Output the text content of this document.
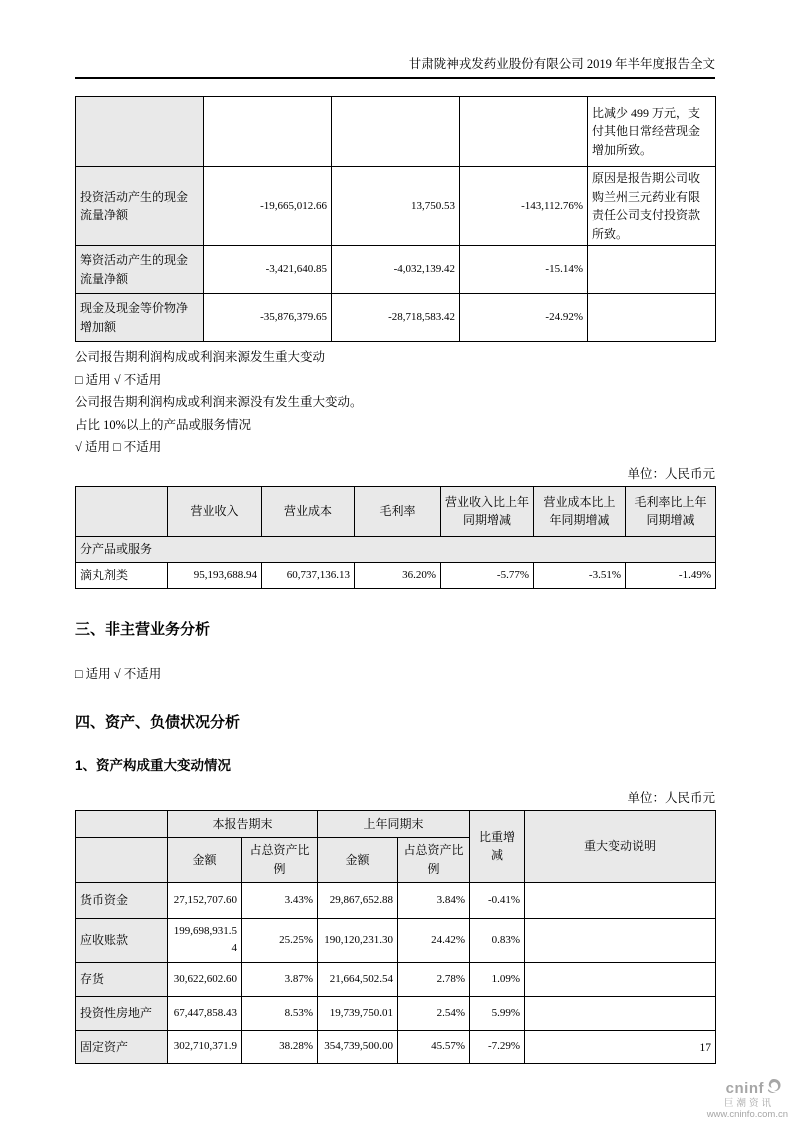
甘肃陇神戎发药业股份有限公司 2019 年半年度报告全文
				比减少 499 万元，支付其他日常经营现金增加所致。
投资活动产生的现金流量净额	-19,665,012.66	13,750.53	-143,112.76%	原因是报告期公司收购兰州三元药业有限责任公司支付投资款所致。
筹资活动产生的现金流量净额	-3,421,640.85	-4,032,139.42	-15.14%	
现金及现金等价物净增加额	-35,876,379.65	-28,718,583.42	-24.92%	

公司报告期利润构成或利润来源发生重大变动

□ 适用 √ 不适用

公司报告期利润构成或利润来源没有发生重大变动。

占比 10%以上的产品或服务情况

√ 适用 □ 不适用

单位：人民币元
	营业收入	营业成本	毛利率	营业收入比上年同期增减	营业成本比上年同期增减	毛利率比上年同期增减
分产品或服务						
滴丸剂类	95,193,688.94	60,737,136.13	36.20%	-5.77%	-3.51%	-1.49%
三、非主营业务分析
□ 适用 √ 不适用
四、资产、负债状况分析
1、资产构成重大变动情况
单位：人民币元
	本报告期末		上年同期末		比重增减	重大变动说明
	金额	占总资产比例	金额	占总资产比例		
货币资金	27,152,707.60	3.43%	29,867,652.88	3.84%	-0.41%	
应收账款	199,698,931.54	25.25%	190,120,231.30	24.42%	0.83%	
存货	30,622,602.60	3.87%	21,664,502.54	2.78%	1.09%	
投资性房地产	67,447,858.43	8.53%	19,739,750.01	2.54%	5.99%	
固定资产	302,710,371.9	38.28%	354,739,500.00	45.57%	-7.29%		17
cninf
巨潮资讯
www.cninfo.com.cn
